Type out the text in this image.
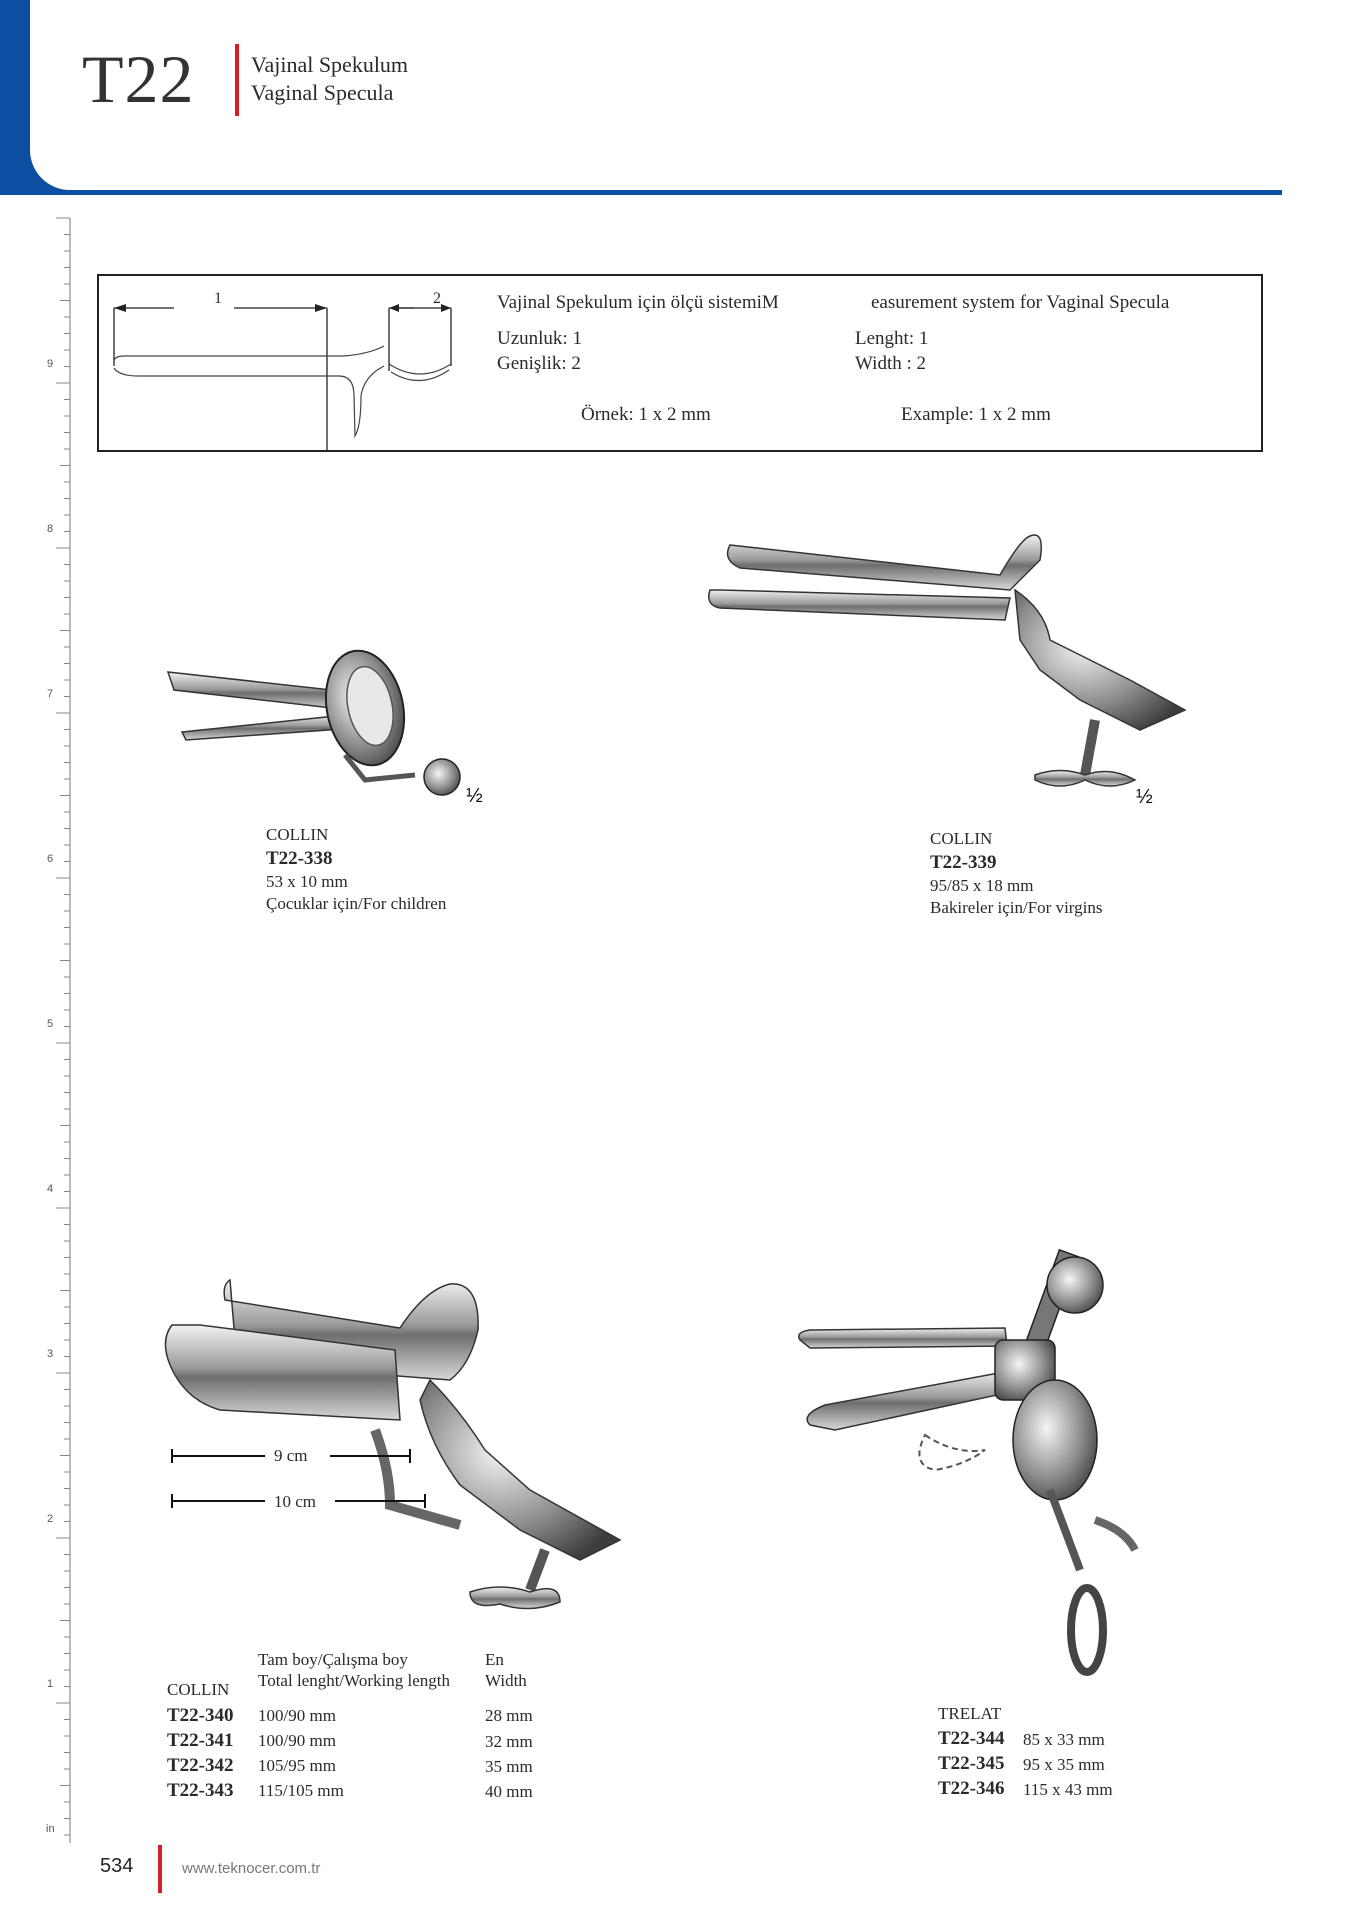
T22	Vajinal Spekulum
Vaginal Specula
9
8
7
6
5
4
3
2
1
in
1	2	Vajinal Spekulum için ölçü sistemiM	easurement system for Vaginal Specula
Uzunluk: 1
Genişlik: 2
Lenght: 1
Width : 2
Örnek: 1 x 2 mm	Example: 1 x 2 mm
½
COLLIN
T22-338
53 x 10 mm
Çocuklar için/For children
½
COLLIN
T22-339
95/85 x 18 mm
Bakireler için/For virgins
9 cm
10 cm
Tam boy/Çalışma boy
Total lenght/Working length
En
Width
COLLIN
T22-340 100/90 mm	28 mm
T22-341 100/90 mm	32 mm
T22-342 105/95 mm	35 mm
T22-343 115/105 mm	40 mm
TRELAT
T22-344 85 x 33 mm
T22-345 95 x 35 mm
T22-346 115 x 43 mm
534	www.teknocer.com.tr
